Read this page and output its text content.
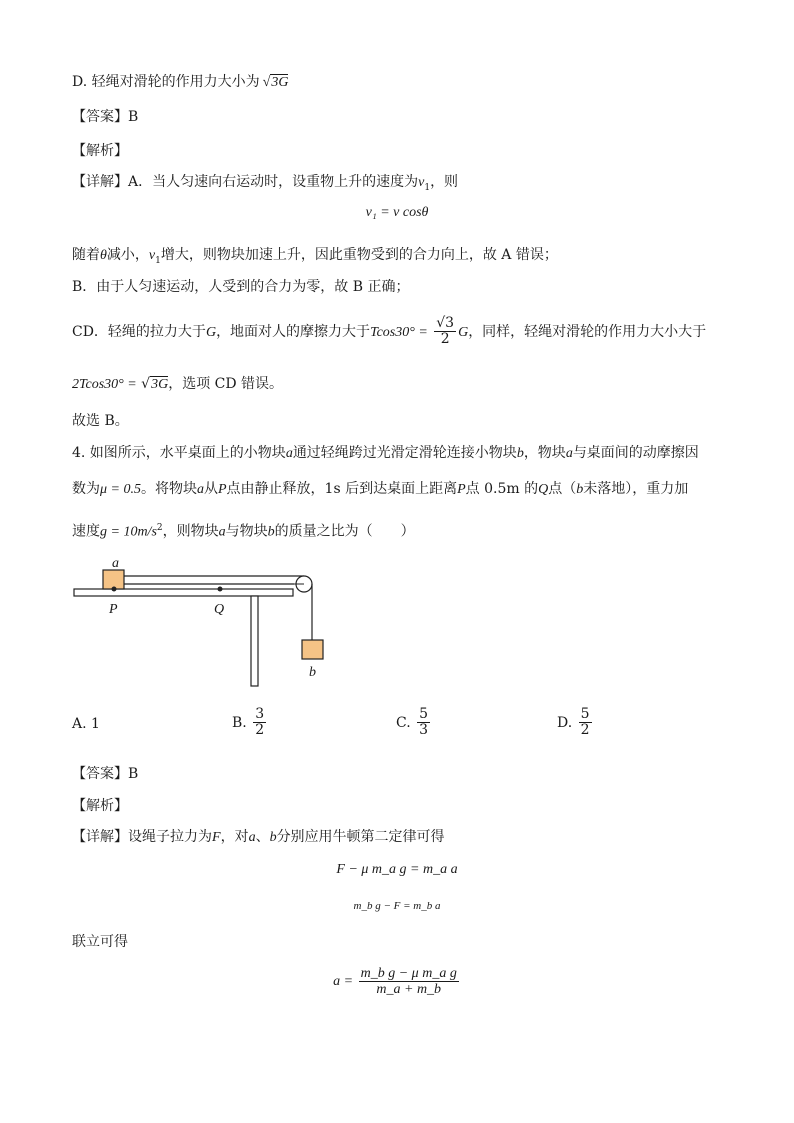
D. 轻绳对滑轮的作用力大小为 √3G
【答案】B
【解析】
【详解】A．当人匀速向右运动时，设重物上升的速度为$v_1$，则
v₁ = v cosθ
随着θ减小，$v_1$增大，则物块加速上升，因此重物受到的合力向上，故 A 错误；
B．由于人匀速运动，人受到的合力为零，故 B 正确；
CD．轻绳的拉力大于G，地面对人的摩擦力大于$Tcos30^\circ = \frac{√3}{2}$ G，同样，轻绳对滑轮的作用力大小大于
2Tcos30° = √3G，选项 CD 错误。
故选 B。
4. 如图所示，水平桌面上的小物块a通过轻绳跨过光滑定滑轮连接小物块b，物块a与桌面间的动摩擦因
数为μ = 0.5。将物块a从P点由静止释放，1s 后到达桌面上距离P点 0.5m 的Q点（b未落地），重力加
速度$g = 10m/s^2$，则物块a与物块b的质量之比为（　　）
a
P	Q
b
A. 1	B. $\frac{3}{2}$	C. $\frac{5}{3}$	D. $\frac{5}{2}$
【答案】B
【解析】
【详解】设绳子拉力为F，对a、b分别应用牛顿第二定律可得
F − μ m_a g = m_a a
m_b g − F = m_b a
联立可得
$a = \frac{\text{m\_b g − μ m\_a g}}{m\_a + m\_b}$
